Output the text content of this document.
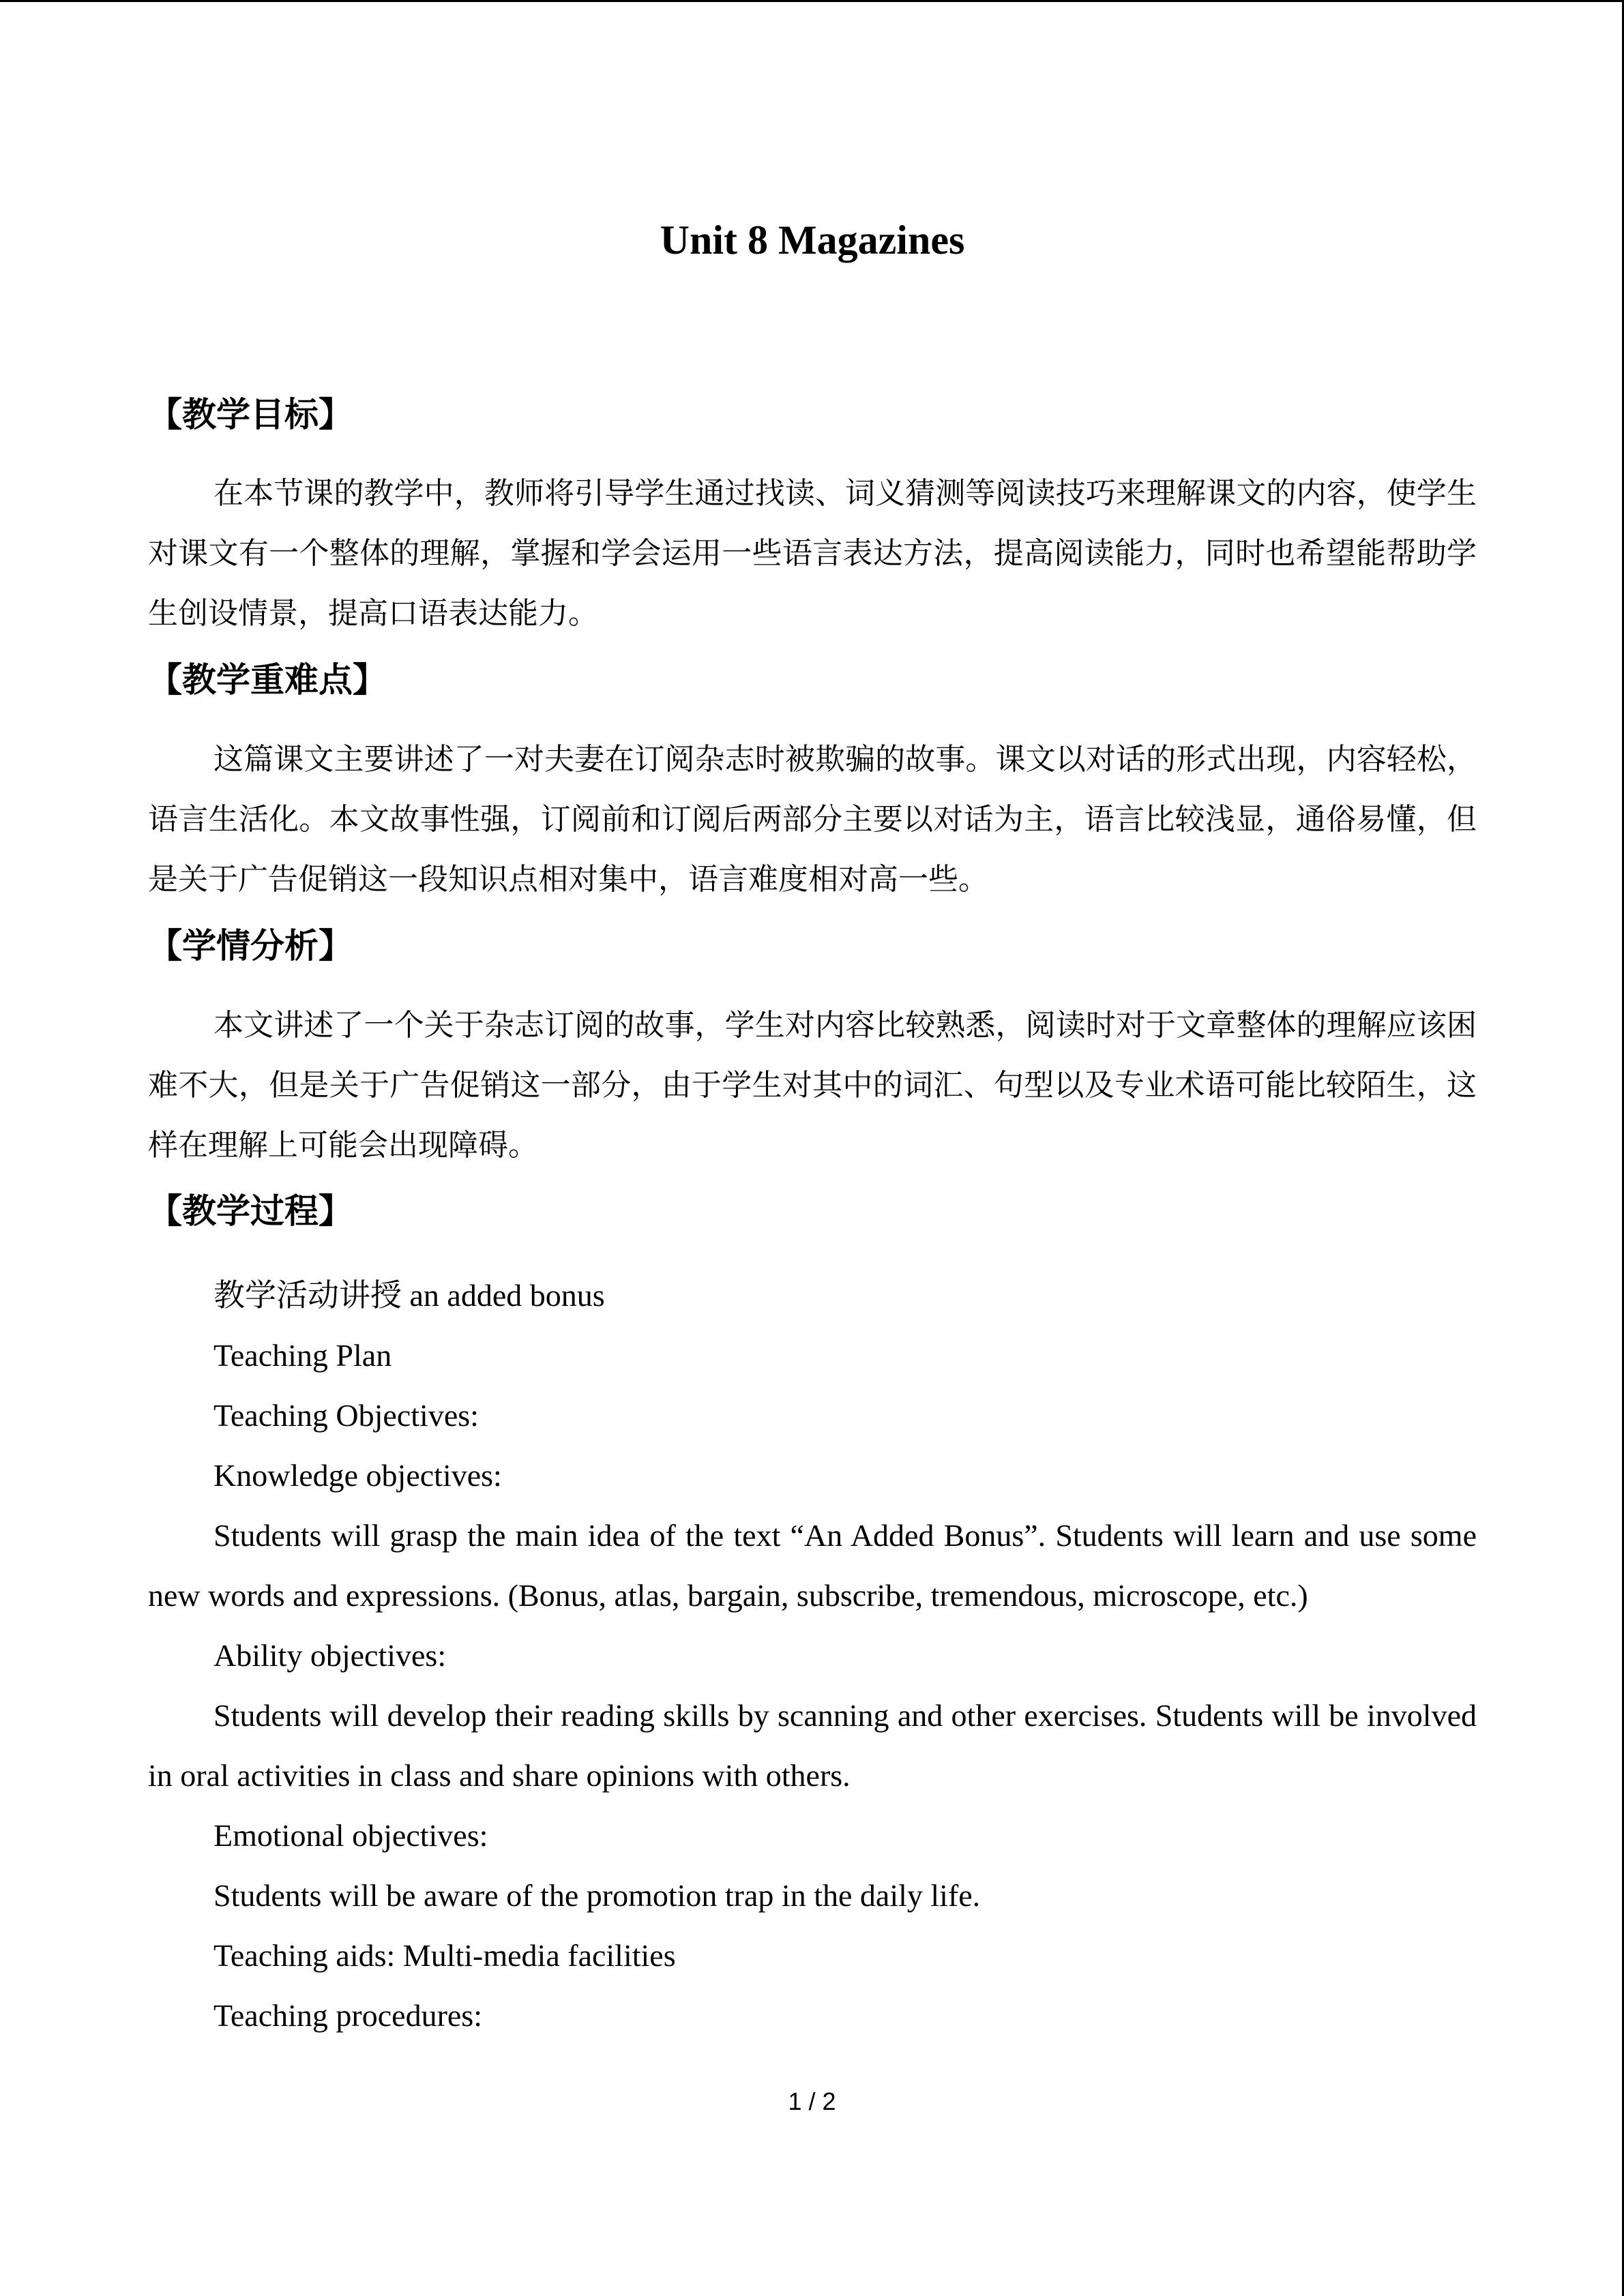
Unit 8 Magazines
【教学目标】

在本节课的教学中，教师将引导学生通过找读、词义猜测等阅读技巧来理解课文的内容，使学生对课文有一个整体的理解，掌握和学会运用一些语言表达方法，提高阅读能力，同时也希望能帮助学生创设情景，提高口语表达能力。

【教学重难点】

这篇课文主要讲述了一对夫妻在订阅杂志时被欺骗的故事。课文以对话的形式出现，内容轻松，语言生活化。本文故事性强，订阅前和订阅后两部分主要以对话为主，语言比较浅显，通俗易懂，但是关于广告促销这一段知识点相对集中，语言难度相对高一些。

【学情分析】

本文讲述了一个关于杂志订阅的故事，学生对内容比较熟悉，阅读时对于文章整体的理解应该困难不大，但是关于广告促销这一部分，由于学生对其中的词汇、句型以及专业术语可能比较陌生，这样在理解上可能会出现障碍。

【教学过程】

教学活动讲授 an added bonus

Teaching Plan

Teaching Objectives:

Knowledge objectives:

Students will grasp the main idea of the text “An Added Bonus”. Students will learn and use some new words and expressions. (Bonus, atlas, bargain, subscribe, tremendous, microscope, etc.)

Ability objectives:

Students will develop their reading skills by scanning and other exercises. Students will be involved in oral activities in class and share opinions with others.

Emotional objectives:

Students will be aware of the promotion trap in the daily life.

Teaching aids: Multi-media facilities

Teaching procedures:

1 / 2
